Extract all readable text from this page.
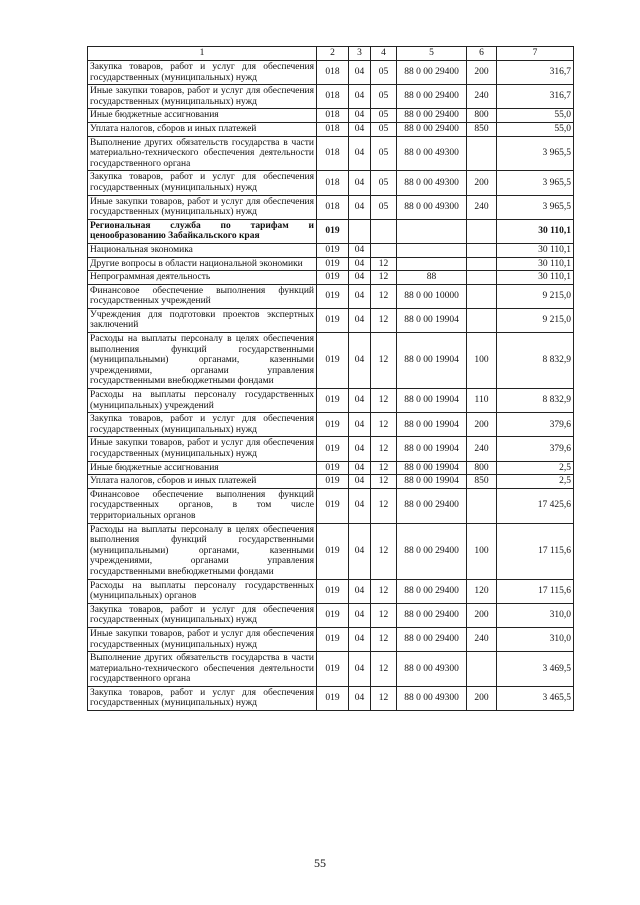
1	2	3	4	5	6	7
Закупка товаров, работ и услуг для обеспечения государственных (муниципальных) нужд	018	04	05	88 0 00 29400	200	316,7
Иные закупки товаров, работ и услуг для обеспечения государственных (муниципальных) нужд	018	04	05	88 0 00 29400	240	316,7
Иные бюджетные ассигнования	018	04	05	88 0 00 29400	800	55,0
Уплата налогов, сборов и иных платежей	018	04	05	88 0 00 29400	850	55,0
Выполнение других обязательств государства в части материально-технического обеспечения деятельности государственного органа	018	04	05	88 0 00 49300		3 965,5
Закупка товаров, работ и услуг для обеспечения государственных (муниципальных) нужд	018	04	05	88 0 00 49300	200	3 965,5
Иные закупки товаров, работ и услуг для обеспечения государственных (муниципальных) нужд	018	04	05	88 0 00 49300	240	3 965,5
Региональная служба по тарифам и ценообразованию Забайкальского края	019					30 110,1
Национальная экономика	019	04				30 110,1
Другие вопросы в области национальной экономики	019	04	12			30 110,1
Непрограммная деятельность	019	04	12	88		30 110,1
Финансовое обеспечение выполнения функций государственных учреждений	019	04	12	88 0 00 10000		9 215,0
Учреждения для подготовки проектов экспертных заключений	019	04	12	88 0 00 19904		9 215,0
Расходы на выплаты персоналу в целях обеспечения выполнения функций государственными (муниципальными) органами, казенными учреждениями, органами управления государственными внебюджетными фондами	019	04	12	88 0 00 19904	100	8 832,9
Расходы на выплаты персоналу государственных (муниципальных) учреждений	019	04	12	88 0 00 19904	110	8 832,9
Закупка товаров, работ и услуг для обеспечения государственных (муниципальных) нужд	019	04	12	88 0 00 19904	200	379,6
Иные закупки товаров, работ и услуг для обеспечения государственных (муниципальных) нужд	019	04	12	88 0 00 19904	240	379,6
Иные бюджетные ассигнования	019	04	12	88 0 00 19904	800	2,5
Уплата налогов, сборов и иных платежей	019	04	12	88 0 00 19904	850	2,5
Финансовое обеспечение выполнения функций государственных органов, в том числе территориальных органов	019	04	12	88 0 00 29400		17 425,6
Расходы на выплаты персоналу в целях обеспечения выполнения функций государственными (муниципальными) органами, казенными учреждениями, органами управления государственными внебюджетными фондами	019	04	12	88 0 00 29400	100	17 115,6
Расходы на выплаты персоналу государственных (муниципальных) органов	019	04	12	88 0 00 29400	120	17 115,6
Закупка товаров, работ и услуг для обеспечения государственных (муниципальных) нужд	019	04	12	88 0 00 29400	200	310,0
Иные закупки товаров, работ и услуг для обеспечения государственных (муниципальных) нужд	019	04	12	88 0 00 29400	240	310,0
Выполнение других обязательств государства в части материально-технического обеспечения деятельности государственного органа	019	04	12	88 0 00 49300		3 469,5
Закупка товаров, работ и услуг для обеспечения государственных (муниципальных) нужд	019	04	12	88 0 00 49300	200	3 465,5
55
